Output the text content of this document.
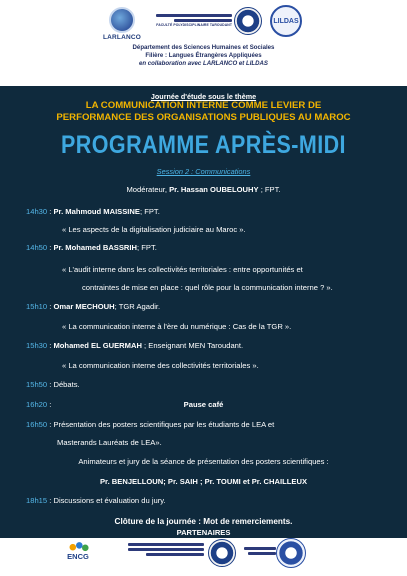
LARLANCO
FACULTÉ POLYDISCIPLINAIRE TAROUDANT
LILDAS
Département des Sciences Humaines et Sociales
Filière : Langues Étrangères Appliquées
en collaboration avec LARLANCO et LILDAS
Journée d'étude sous le thème
LA COMMUNICATION INTERNE COMME LEVIER DE
PERFORMANCE DES ORGANISATIONS PUBLIQUES AU MAROC
PROGRAMME APRÈS-MIDI
Session 2 : Communications
Modérateur, Pr. Hassan OUBELOUHY ; FPT.
14h30 : Pr. Mahmoud MAISSINE; FPT.
« Les aspects de la digitalisation judiciaire au Maroc ».
14h50 : Pr. Mohamed BASSRIH; FPT.
« L'audit interne dans les collectivités territoriales : entre opportunités et
contraintes de mise en place : quel rôle pour la communication interne ? ».
15h10 : Omar MECHOUH; TGR Agadir.
« La communication interne à l'ère du numérique : Cas de la TGR ».
15h30 : Mohamed EL GUERMAH ; Enseignant MEN Taroudant.
« La communication interne des collectivités territoriales ».
15h50 : Débats.
16h20 :	Pause café
16h50 : Présentation des posters scientifiques par les étudiants de LEA et
Masterands Lauréats de LEA».
Animateurs et jury de la séance de présentation des posters scientifiques :
Pr. BENJELLOUN; Pr. SAIH ; Pr. TOUMI et Pr. CHAILLEUX
18h15 : Discussions et évaluation du jury.
Clôture de la journée : Mot de remerciements.
PARTENAIRES
ENCG
